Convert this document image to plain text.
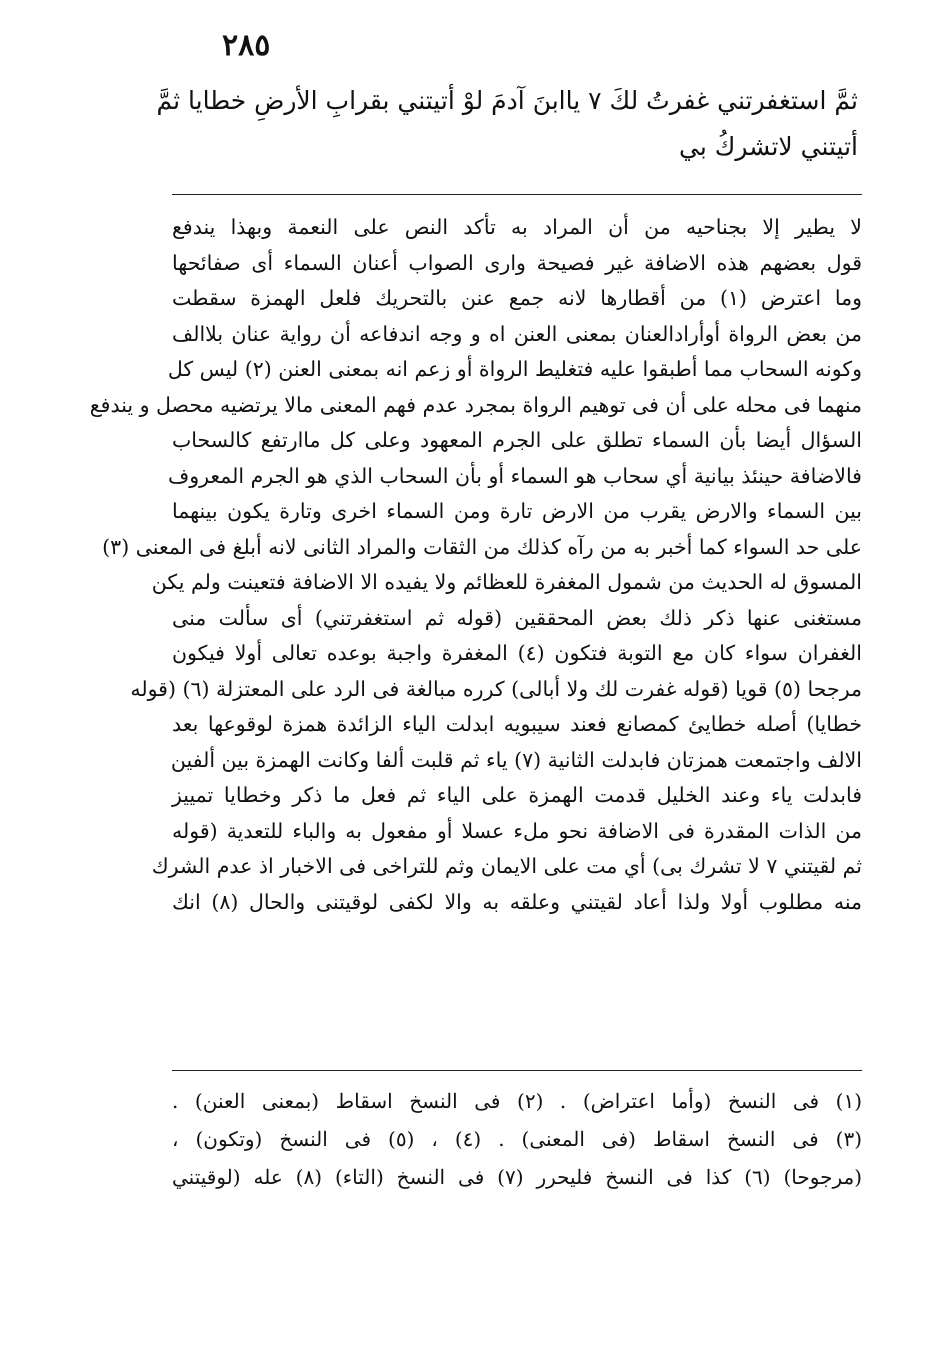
٢٨٥
ثمَّ استغفرتني غفرتُ لكَ ٧ ياابنَ آدمَ لوْ أتيتني بقرابِ الأرضِ خطايا ثمَّ
أتيتني لاتشركُ بي
لا يطير إلا بجناحيه من أن المراد به تأكد النص على النعمة وبهذا يندفع
قول بعضهم هذه الاضافة غير فصيحة وارى الصواب أعنان السماء أى صفائحها
وما اعترض (١) من أقطارها لانه جمع عنن بالتحريك فلعل الهمزة سقطت
من بعض الرواة أوأرادالعنان بمعنى العنن اه و وجه اندفاعه أن رواية عنان بلاالف
وكونه السحاب مما أطبقوا عليه فتغليط الرواة أو زعم انه بمعنى العنن (٢) ليس كل
منهما فى محله على أن فى توهيم الرواة بمجرد عدم فهم المعنى مالا يرتضيه محصل و يندفع
السؤال أيضا بأن السماء تطلق على الجرم المعهود وعلى كل ماارتفع كالسحاب
فالاضافة حينئذ بيانية أي سحاب هو السماء أو بأن السحاب الذي هو الجرم المعروف
بين السماء والارض يقرب من الارض تارة ومن السماء اخرى وتارة يكون بينهما
على حد السواء كما أخبر به من رآه كذلك من الثقات والمراد الثانى لانه أبلغ فى المعنى (٣)
المسوق له الحديث من شمول المغفرة للعظائم ولا يفيده الا الاضافة فتعينت ولم يكن
مستغنى عنها ذكر ذلك بعض المحققين (قوله ثم استغفرتني) أى سألت منى
الغفران سواء كان مع التوبة فتكون (٤) المغفرة واجبة بوعده تعالى أولا فيكون
مرجحا (٥) قويا (قوله غفرت لك ولا أبالى) كرره مبالغة فى الرد على المعتزلة (٦) (قوله
خطايا) أصله خطايئ كمصانع فعند سيبويه ابدلت الياء الزائدة همزة لوقوعها بعد
الالف واجتمعت همزتان فابدلت الثانية (٧) ياء ثم قلبت ألفا وكانت الهمزة بين ألفين
فابدلت ياء وعند الخليل قدمت الهمزة على الياء ثم فعل ما ذكر وخطايا تمييز
من الذات المقدرة فى الاضافة نحو ملء عسلا أو مفعول به والباء للتعدية (قوله
ثم لقيتني ٧ لا تشرك بى) أي مت على الايمان وثم للتراخى فى الاخبار اذ عدم الشرك
منه مطلوب أولا ولذا أعاد لقيتني وعلقه به والا لكفى لوقيتنى والحال (٨) انك
(١) فى النسخ (وأما اعتراض) . (٢) فى النسخ اسقاط (بمعنى العنن) .
(٣) فى النسخ اسقاط (فى المعنى) . (٤) ، (٥) فى النسخ (وتكون) ،
(مرجوحا) (٦) كذا فى النسخ فليحرر (٧) فى النسخ (التاء) (٨) عله (لوقيتني
